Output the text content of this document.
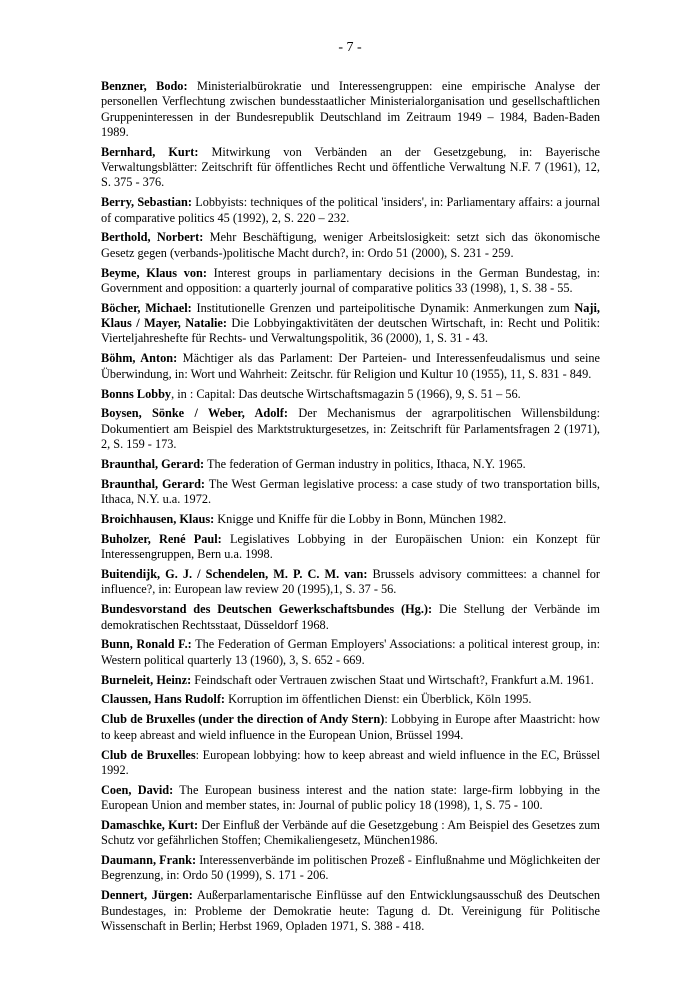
- 7 -

Benzner, Bodo: Ministerialbürokratie und Interessengruppen: eine empirische Analyse der personellen Verflechtung zwischen bundesstaatlicher Ministerialorganisation und gesellschaftlichen Gruppeninteressen in der Bundesrepublik Deutschland im Zeitraum 1949 – 1984, Baden-Baden 1989.

Bernhard, Kurt: Mitwirkung von Verbänden an der Gesetzgebung, in: Bayerische Verwaltungsblätter: Zeitschrift für öffentliches Recht und öffentliche Verwaltung N.F. 7 (1961), 12, S. 375 - 376.

Berry, Sebastian: Lobbyists: techniques of the political 'insiders', in: Parliamentary affairs: a journal of comparative politics 45 (1992), 2, S. 220 – 232.

Berthold, Norbert: Mehr Beschäftigung, weniger Arbeitslosigkeit: setzt sich das ökonomische Gesetz gegen (verbands-)politische Macht durch?, in: Ordo 51 (2000), S. 231 - 259.

Beyme, Klaus von: Interest groups in parliamentary decisions in the German Bundestag, in: Government and opposition: a quarterly journal of comparative politics 33 (1998), 1, S. 38 - 55.

Böcher, Michael: Institutionelle Grenzen und parteipolitische Dynamik: Anmerkungen zum Naji, Klaus / Mayer, Natalie: Die Lobbyingaktivitäten der deutschen Wirtschaft, in: Recht und Politik: Vierteljahreshefte für Rechts- und Verwaltungspolitik, 36 (2000), 1, S. 31 - 43.

Böhm, Anton: Mächtiger als das Parlament: Der Parteien- und Interessenfeudalismus und seine Überwindung, in: Wort und Wahrheit: Zeitschr. für Religion und Kultur 10 (1955), 11, S. 831 - 849.

Bonns Lobby, in : Capital: Das deutsche Wirtschaftsmagazin 5 (1966), 9, S. 51 – 56.

Boysen, Sönke / Weber, Adolf: Der Mechanismus der agrarpolitischen Willensbildung: Dokumentiert am Beispiel des Marktstrukturgesetzes, in: Zeitschrift für Parlamentsfragen 2 (1971), 2, S. 159 - 173.

Braunthal, Gerard: The federation of German industry in politics, Ithaca, N.Y. 1965.

Braunthal, Gerard: The West German legislative process: a case study of two transportation bills, Ithaca, N.Y. u.a. 1972.

Broichhausen, Klaus: Knigge und Kniffe für die Lobby in Bonn, München 1982.

Buholzer, René Paul: Legislatives Lobbying in der Europäischen Union: ein Konzept für Interessengruppen, Bern u.a. 1998.

Buitendijk, G. J. / Schendelen, M. P. C. M. van: Brussels advisory committees: a channel for influence?, in: European law review 20 (1995),1, S. 37 - 56.

Bundesvorstand des Deutschen Gewerkschaftsbundes (Hg.): Die Stellung der Verbände im demokratischen Rechtsstaat, Düsseldorf 1968.

Bunn, Ronald F.: The Federation of German Employers' Associations: a political interest group, in: Western political quarterly 13 (1960), 3, S. 652 - 669.

Burneleit, Heinz: Feindschaft oder Vertrauen zwischen Staat und Wirtschaft?, Frankfurt a.M. 1961.

Claussen, Hans Rudolf: Korruption im öffentlichen Dienst: ein Überblick, Köln 1995.

Club de Bruxelles (under the direction of Andy Stern): Lobbying in Europe after Maastricht: how to keep abreast and wield influence in the European Union, Brüssel 1994.

Club de Bruxelles: European lobbying: how to keep abreast and wield influence in the EC, Brüssel 1992.

Coen, David: The European business interest and the nation state: large-firm lobbying in the European Union and member states, in: Journal of public policy 18 (1998), 1, S. 75 - 100.

Damaschke, Kurt: Der Einfluß der Verbände auf die Gesetzgebung : Am Beispiel des Gesetzes zum Schutz vor gefährlichen Stoffen; Chemikaliengesetz, München1986.

Daumann, Frank: Interessenverbände im politischen Prozeß - Einflußnahme und Möglichkeiten der Begrenzung, in: Ordo 50 (1999), S. 171 - 206.

Dennert, Jürgen: Außerparlamentarische Einflüsse auf den Entwicklungsausschuß des Deutschen Bundestages, in: Probleme der Demokratie heute: Tagung d. Dt. Vereinigung für Politische Wissenschaft in Berlin; Herbst 1969, Opladen 1971, S. 388 - 418.
